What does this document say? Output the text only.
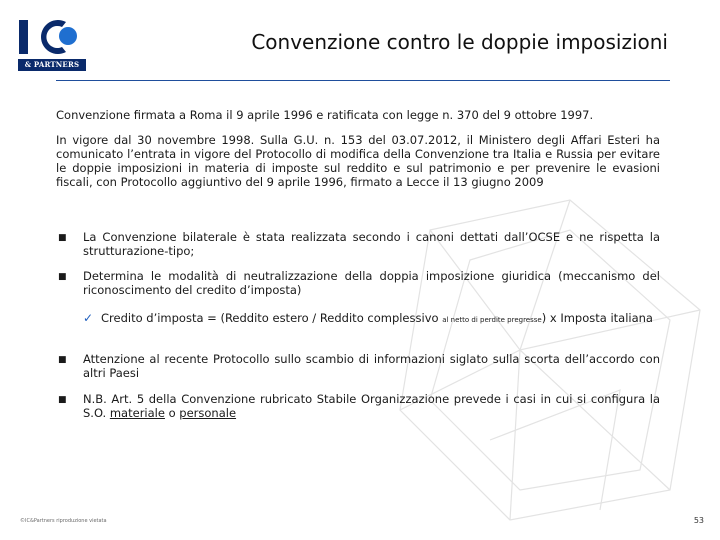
& PARTNERS
Convenzione contro le doppie imposizioni
Convenzione firmata a Roma il 9 aprile 1996 e ratificata con legge n. 370 del 9 ottobre 1997.
In vigore dal 30 novembre 1998. Sulla G.U. n. 153 del 03.07.2012, il Ministero degli Affari Esteri ha comunicato l’entrata in vigore del Protocollo di modifica della Convenzione tra Italia e Russia per evitare le doppie imposizioni in materia di imposte sul reddito e sul patrimonio e per prevenire le evasioni fiscali, con Protocollo aggiuntivo del 9 aprile 1996, firmato a Lecce il 13 giugno 2009
■ La Convenzione bilaterale è stata realizzata secondo i canoni dettati dall’OCSE e ne rispetta la strutturazione-tipo;
■ Determina le modalità di neutralizzazione della doppia imposizione giuridica (meccanismo del riconoscimento del credito d’imposta)
✓ Credito d’imposta = (Reddito estero / Reddito complessivo al netto di perdite pregresse) x Imposta italiana
■ Attenzione al recente Protocollo sullo scambio di informazioni siglato sulla scorta dell’accordo con altri Paesi
■ N.B. Art. 5 della Convenzione rubricato Stabile Organizzazione prevede i casi in cui si configura la S.O. materiale o personale
©IC&Partners riproduzione vietata	53
